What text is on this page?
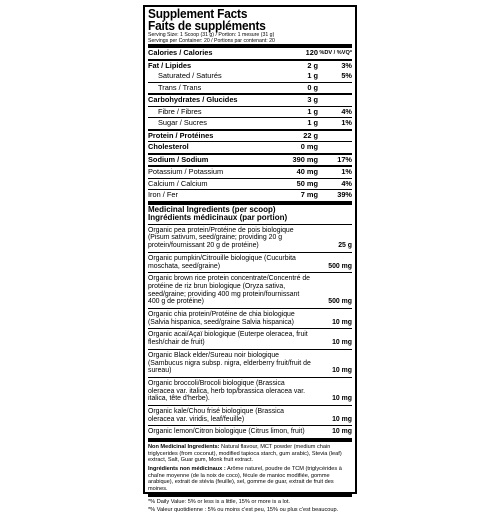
Supplement Facts
Faits de suppléments
Serving Size: 1 Scoop (31 g) / Portion: 1 mesure (31 g)
Servings per Container: 20 / Portions par contenant: 20
Calories / Calories	120 %DV / %VQ*
Fat / Lipides	2 g	3%
Saturated / Saturés	1 g	5%
Trans / Trans	0 g
Carbohydrates / Glucides	3 g
Fibre / Fibres	1 g	4%
Sugar / Sucres	1 g	1%
Protein / Protéines	22 g
Cholesterol	0 mg
Sodium / Sodium	390 mg	17%
Potassium / Potassium	40 mg	1%
Calcium / Calcium	50 mg	4%
Iron / Fer	7 mg	39%
Medicinal Ingredients (per scoop)
Ingrédients médicinaux (par portion)
Organic pea protein/Protéine de pois biologique (Pisum sativum, seed/graine; providing 20 g protein/fournissant 20 g de protéine)	25 g
Organic pumpkin/Citrouille biologique (Cucurbita moschata, seed/graine)	500 mg
Organic brown rice protein concentrate/Concentré de protéine de riz brun biologique (Oryza sativa, seed/graine; providing 400 mg protein/fournissant 400 g de protéine)	500 mg
Organic chia protein/Protéine de chia biologique (Salvia hispanica, seed/graine Salvia hispanica)	10 mg
Organic acai/Açaï biologique (Euterpe oleracea, fruit flesh/chair de fruit)	10 mg
Organic Black elder/Sureau noir biologique (Sambucus nigra subsp. nigra, elderberry fruit/fruit de sureau)	10 mg
Organic broccoli/Brocoli biologique (Brassica oleracea var. italica, herb top/brassica oleracea var. italica, tête d'herbe).	10 mg
Organic kale/Chou frisé biologique (Brassica oleracea var. viridis, leaf/feuille)	10 mg
Organic lemon/Citron biologique (Citrus limon, fruit)	10 mg
Non Medicinal Ingredients: Natural flavour, MCT powder (medium chain triglycerides (from coconut), modified tapioca starch, gum arabic), Stevia (leaf) extract, Salt, Guar gum, Monk fruit extract.
Ingrédients non médicinaux : Arôme naturel, poudre de TCM (triglycérides à chaîne moyenne (de la noix de coco), fécule de manioc modifiée, gomme arabique), extrait de stévia (feuille), sel, gomme de guar, extrait de fruit des moines.
*% Daily Value: 5% or less is a little, 15% or more is a lot.
*% Valeur quotidienne : 5% ou moins c'est peu, 15% ou plus c'est beaucoup.
